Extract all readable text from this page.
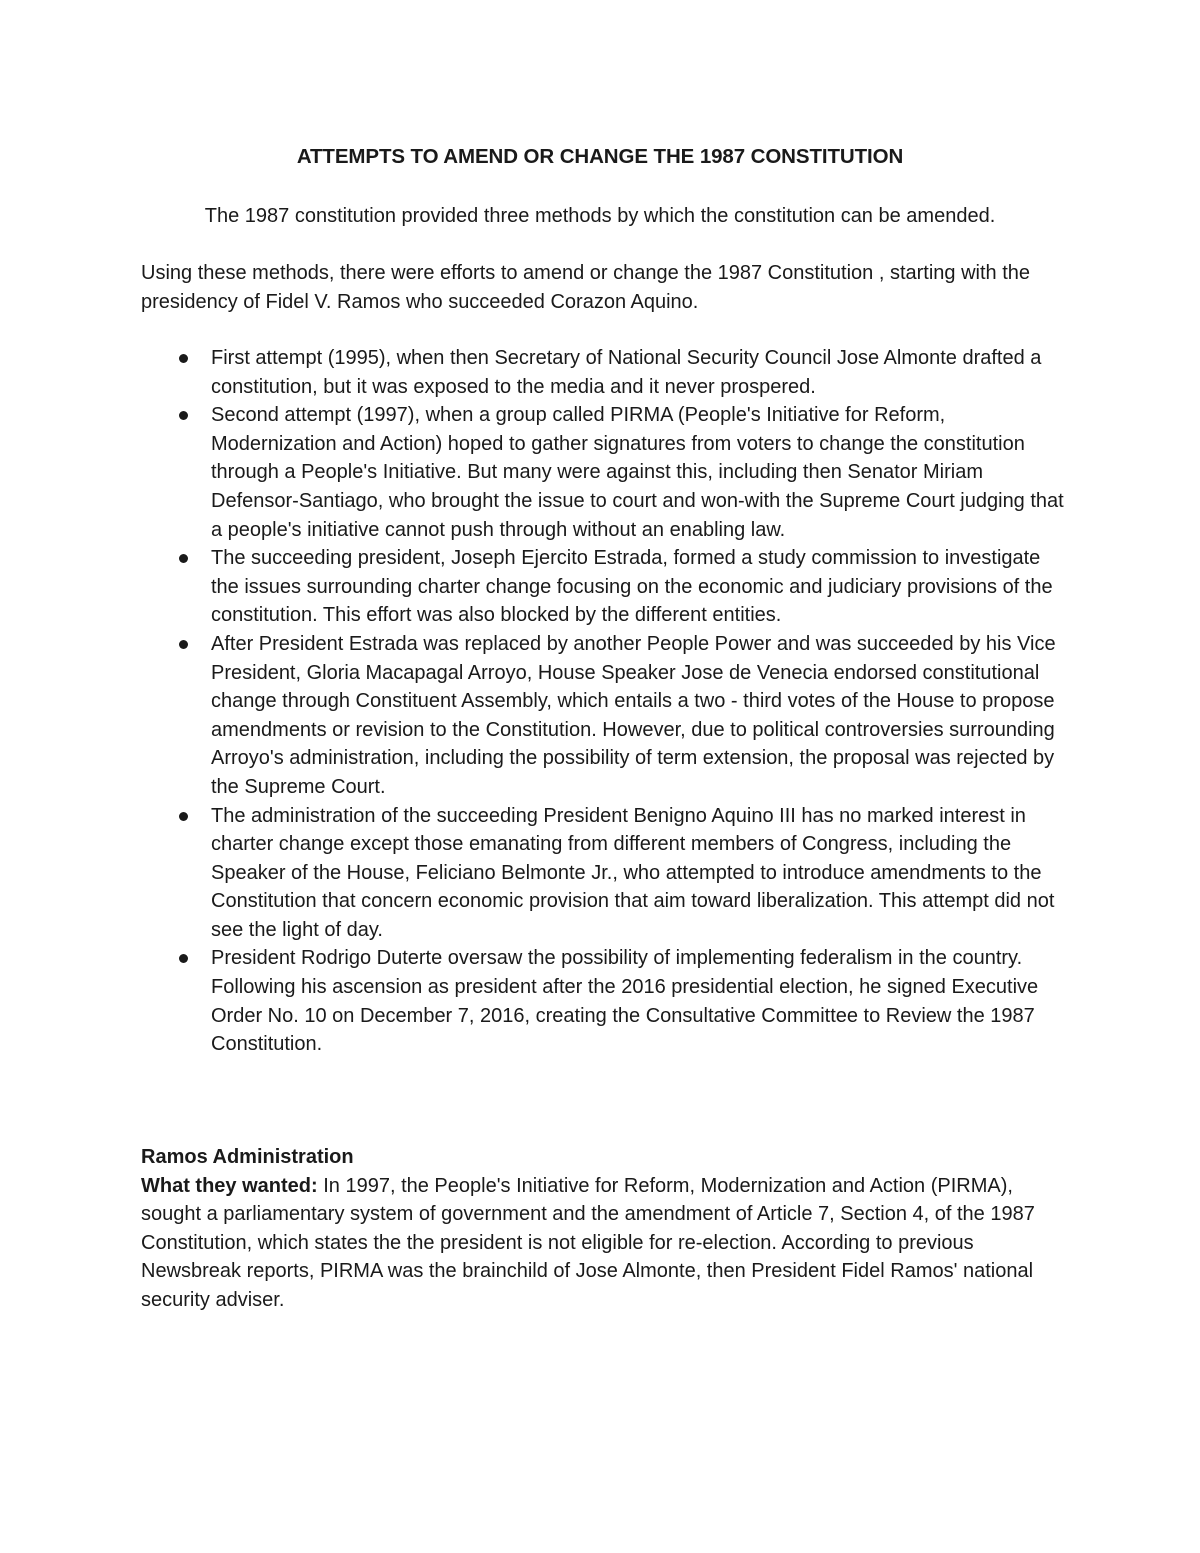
ATTEMPTS TO AMEND OR CHANGE THE 1987 CONSTITUTION

The 1987 constitution provided three methods by which the constitution can be amended.

Using these methods, there were efforts to amend or change the 1987 Constitution , starting with the presidency of Fidel V. Ramos who succeeded Corazon Aquino.

First attempt (1995), when then Secretary of National Security Council Jose Almonte drafted a constitution, but it was exposed to the media and it never prospered.
Second attempt (1997), when a group called PIRMA (People's Initiative for Reform, Modernization and Action) hoped to gather signatures from voters to change the constitution through a People's Initiative. But many were against this, including then Senator Miriam Defensor-Santiago, who brought the issue to court and won-with the Supreme Court judging that a people's initiative cannot push through without an enabling law.
The succeeding president, Joseph Ejercito Estrada, formed a study commission to investigate the issues surrounding charter change focusing on the economic and judiciary provisions of the constitution. This effort was also blocked by the different entities.
After President Estrada was replaced by another People Power and was succeeded by his Vice President, Gloria Macapagal Arroyo, House Speaker Jose de Venecia endorsed constitutional change through Constituent Assembly, which entails a two - third votes of the House to propose amendments or revision to the Constitution. However, due to political controversies surrounding Arroyo's administration, including the possibility of term extension, the proposal was rejected by the Supreme Court.
The administration of the succeeding President Benigno Aquino III has no marked interest in charter change except those emanating from different members of Congress, including the Speaker of the House, Feliciano Belmonte Jr., who attempted to introduce amendments to the Constitution that concern economic provision that aim toward liberalization. This attempt did not see the light of day.
President Rodrigo Duterte oversaw the possibility of implementing federalism in the country. Following his ascension as president after the 2016 presidential election, he signed Executive Order No. 10 on December 7, 2016, creating the Consultative Committee to Review the 1987 Constitution.
Ramos Administration

What they wanted: In 1997, the People's Initiative for Reform, Modernization and Action (PIRMA), sought a parliamentary system of government and the amendment of Article 7, Section 4, of the 1987 Constitution, which states the the president is not eligible for re-election. According to previous Newsbreak reports, PIRMA was the brainchild of Jose Almonte, then President Fidel Ramos' national security adviser.
